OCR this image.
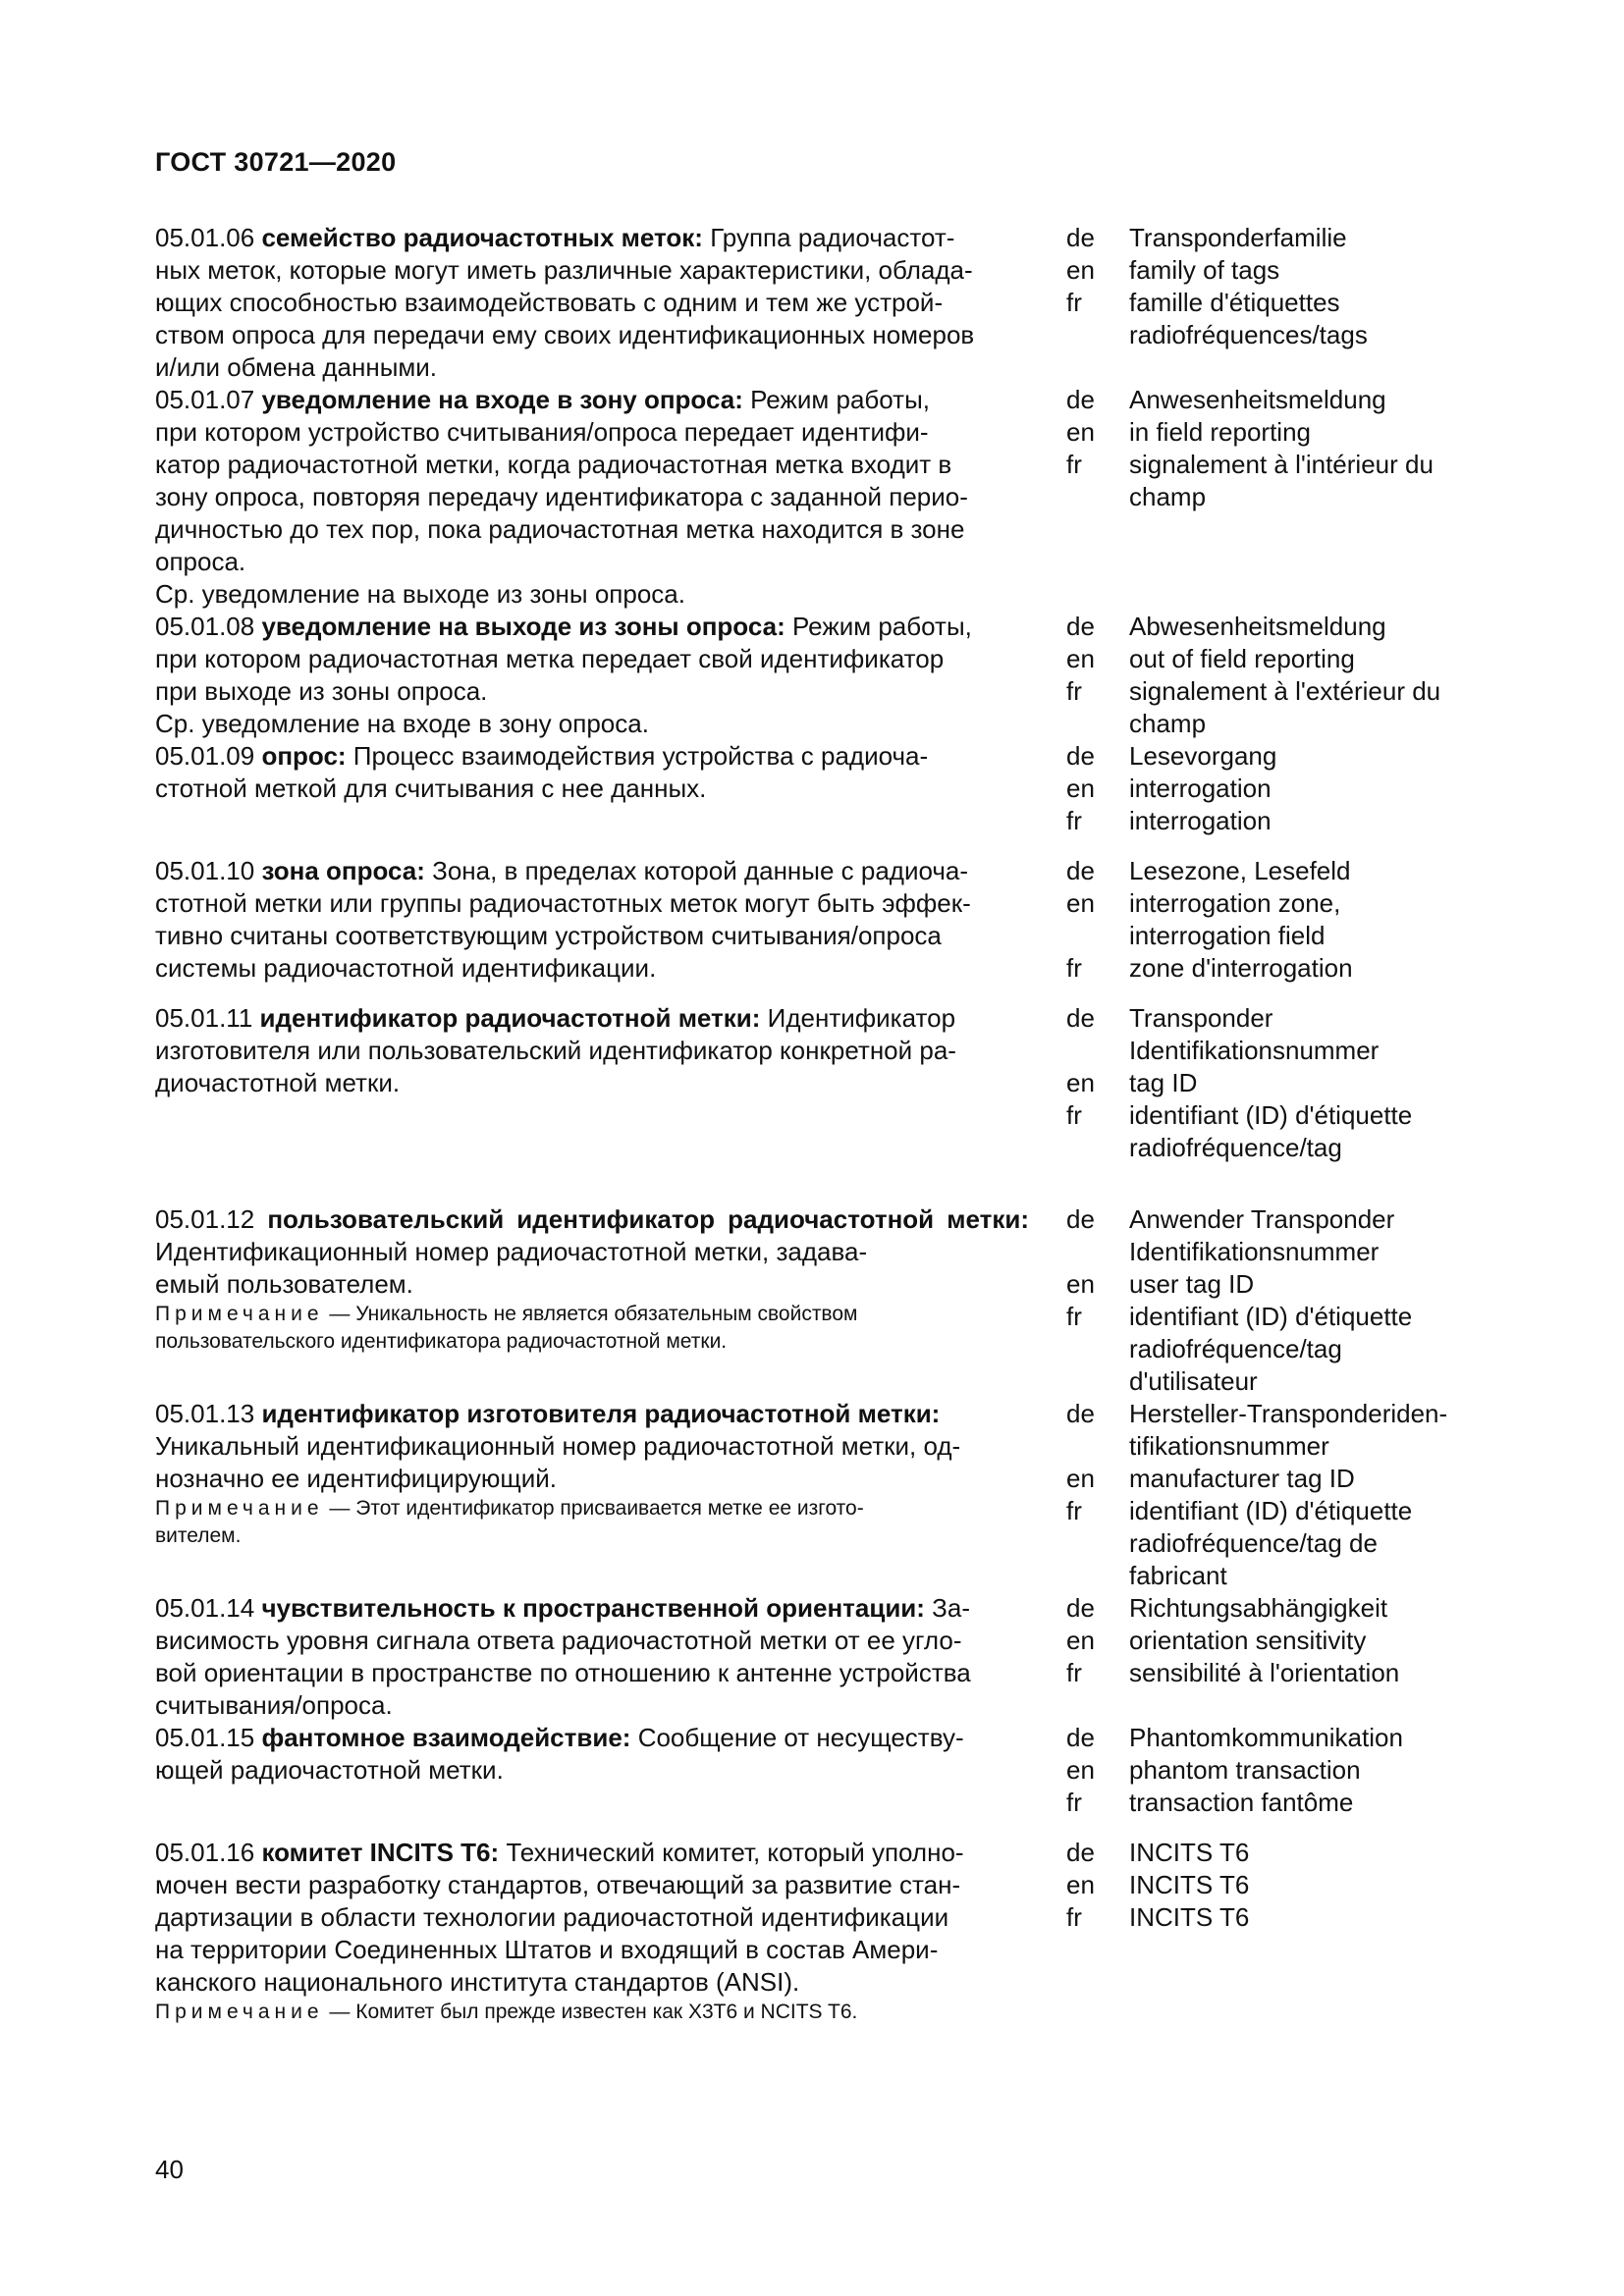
ГОСТ 30721—2020

05.01.06 семейство радиочастотных меток: Группа радиочастот-
ных меток, которые могут иметь различные характеристики, облада-
ющих способностью взаимодействовать с одним и тем же устрой-
ством опроса для передачи ему своих идентификационных номеров
и/или обмена данными.

de	Transponderfamilie
en	family of tags
fr	famille d'étiquettes
radiofréquences/tags

05.01.07 уведомление на входе в зону опроса: Режим работы,
при котором устройство считывания/опроса передает идентифи-
катор радиочастотной метки, когда радиочастотная метка входит в
зону опроса, повторяя передачу идентификатора с заданной перио-
дичностью до тех пор, пока радиочастотная метка находится в зоне
опроса.

Ср. уведомление на выходе из зоны опроса.

de	Anwesenheitsmeldung
en	in field reporting
fr	signalement à l'intérieur du
champ

05.01.08 уведомление на выходе из зоны опроса: Режим работы,
при котором радиочастотная метка передает свой идентификатор
при выходе из зоны опроса.

Ср. уведомление на входе в зону опроса.

de	Abwesenheitsmeldung
en	out of field reporting
fr	signalement à l'extérieur du
champ

05.01.09 опрос: Процесс взаимодействия устройства с радиоча-
стотной меткой для считывания с нее данных.

de	Lesevorgang
en	interrogation
fr	interrogation

05.01.10 зона опроса: Зона, в пределах которой данные с радиоча-
стотной метки или группы радиочастотных меток могут быть эффек-
тивно считаны соответствующим устройством считывания/опроса
системы радиочастотной идентификации.

de	Lesezone, Lesefeld
en	interrogation zone,
interrogation field
fr	zone d'interrogation

05.01.11 идентификатор радиочастотной метки: Идентификатор
изготовителя или пользовательский идентификатор конкретной ра-
диочастотной метки.

de	Transponder
Identifikationsnummer
en	tag ID
fr	identifiant (ID) d'étiquette
radiofréquence/tag

05.01.12 пользовательский идентификатор радиочастотной метки: Идентификационный номер радиочастотной метки, задава-
емый пользователем.

Примечание — Уникальность не является обязательным свойством
пользовательского идентификатора радиочастотной метки.

de	Anwender Transponder
Identifikationsnummer
en	user tag ID
fr	identifiant (ID) d'étiquette
radiofréquence/tag
d'utilisateur

05.01.13 идентификатор изготовителя радиочастотной метки:
Уникальный идентификационный номер радиочастотной метки, од-
нозначно ее идентифицирующий.

Примечание — Этот идентификатор присваивается метке ее изгото-
вителем.

de	Hersteller-Transponderiden-
tifikationsnummer
en	manufacturer tag ID
fr	identifiant (ID) d'étiquette
radiofréquence/tag de
fabricant

05.01.14 чувствительность к пространственной ориентации: За-
висимость уровня сигнала ответа радиочастотной метки от ее угло-
вой ориентации в пространстве по отношению к антенне устройства
считывания/опроса.

de	Richtungsabhängigkeit
en	orientation sensitivity
fr	sensibilité à l'orientation

05.01.15 фантомное взаимодействие: Сообщение от несуществу-
ющей радиочастотной метки.

de	Phantomkommunikation
en	phantom transaction
fr	transaction fantôme

05.01.16 комитет INCITS T6: Технический комитет, который уполно-
мочен вести разработку стандартов, отвечающий за развитие стан-
дартизации в области технологии радиочастотной идентификации
на территории Соединенных Штатов и входящий в состав Амери-
канского национального института стандартов (ANSI).

Примечание — Комитет был прежде известен как X3T6 и NCITS T6.

de	INCITS T6
en	INCITS T6
fr	INCITS T6
40
